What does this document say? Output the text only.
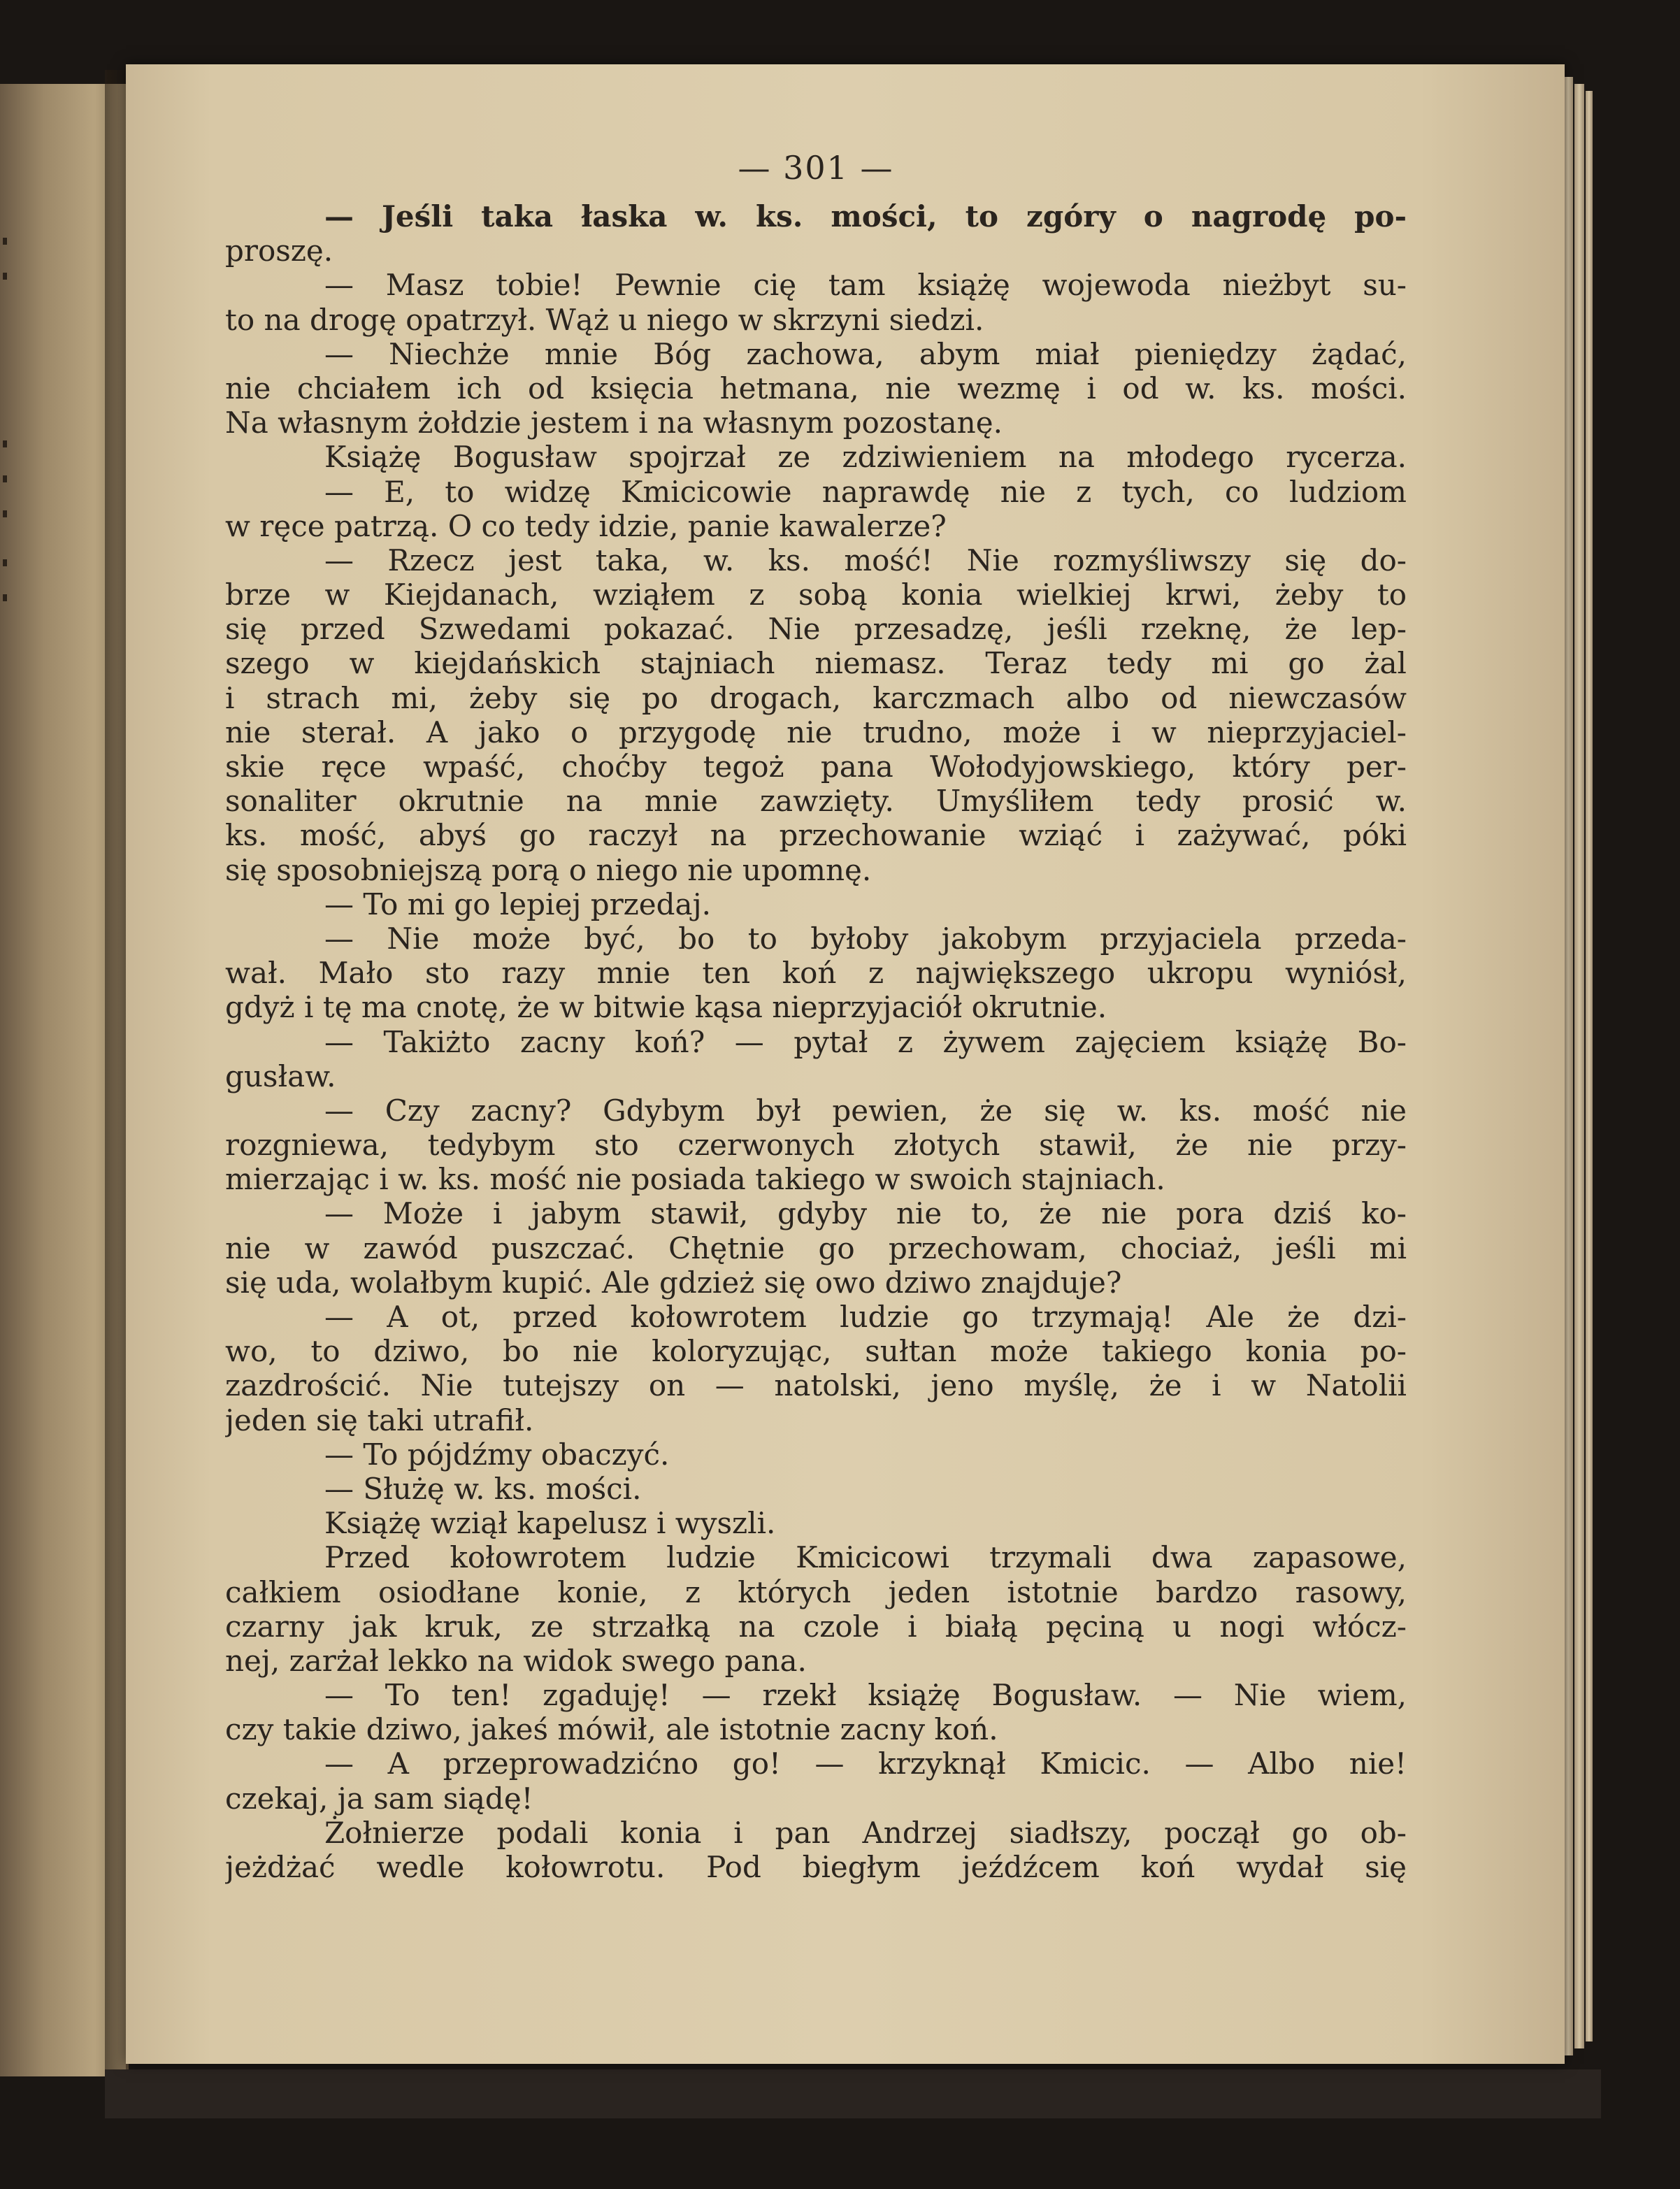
— 301 —
— Jeśli taka łaska w. ks. mości, to zgóry o nagrodę po-
proszę.
— Masz tobie! Pewnie cię tam książę wojewoda nieżbyt su-
to na drogę opatrzył. Wąż u niego w skrzyni siedzi.
— Niechże mnie Bóg zachowa, abym miał pieniędzy żądać,
nie chciałem ich od księcia hetmana, nie wezmę i od w. ks. mości.
Na własnym żołdzie jestem i na własnym pozostanę.
Książę Bogusław spojrzał ze zdziwieniem na młodego rycerza.
— E, to widzę Kmicicowie naprawdę nie z tych, co ludziom
w ręce patrzą. O co tedy idzie, panie kawalerze?
— Rzecz jest taka, w. ks. mość! Nie rozmyśliwszy się do-
brze w Kiejdanach, wziąłem z sobą konia wielkiej krwi, żeby to
się przed Szwedami pokazać. Nie przesadzę, jeśli rzeknę, że lep-
szego w kiejdańskich stajniach niemasz. Teraz tedy mi go żal
i strach mi, żeby się po drogach, karczmach albo od niewczasów
nie sterał. A jako o przygodę nie trudno, może i w nieprzyjaciel-
skie ręce wpaść, choćby tegoż pana Wołodyjowskiego, który per-
sonaliter okrutnie na mnie zawzięty. Umyśliłem tedy prosić w.
ks. mość, abyś go raczył na przechowanie wziąć i zażywać, póki
się sposobniejszą porą o niego nie upomnę.
— To mi go lepiej przedaj.
— Nie może być, bo to byłoby jakobym przyjaciela przeda-
wał. Mało sto razy mnie ten koń z największego ukropu wyniósł,
gdyż i tę ma cnotę, że w bitwie kąsa nieprzyjaciół okrutnie.
— Takiżto zacny koń? — pytał z żywem zajęciem książę Bo-
gusław.
— Czy zacny? Gdybym był pewien, że się w. ks. mość nie
rozgniewa, tedybym sto czerwonych złotych stawił, że nie przy-
mierzając i w. ks. mość nie posiada takiego w swoich stajniach.
— Może i jabym stawił, gdyby nie to, że nie pora dziś ko-
nie w zawód puszczać. Chętnie go przechowam, chociaż, jeśli mi
się uda, wolałbym kupić. Ale gdzież się owo dziwo znajduje?
— A ot, przed kołowrotem ludzie go trzymają! Ale że dzi-
wo, to dziwo, bo nie koloryzując, sułtan może takiego konia po-
zazdrościć. Nie tutejszy on — natolski, jeno myślę, że i w Natolii
jeden się taki utrafił.
— To pójdźmy obaczyć.
— Służę w. ks. mości.
Książę wziął kapelusz i wyszli.
Przed kołowrotem ludzie Kmicicowi trzymali dwa zapasowe,
całkiem osiodłane konie, z których jeden istotnie bardzo rasowy,
czarny jak kruk, ze strzałką na czole i białą pęciną u nogi włócz-
nej, zarżał lekko na widok swego pana.
— To ten! zgaduję! — rzekł książę Bogusław. — Nie wiem,
czy takie dziwo, jakeś mówił, ale istotnie zacny koń.
— A przeprowadzićno go! — krzyknął Kmicic. — Albo nie!
czekaj, ja sam siądę!
Żołnierze podali konia i pan Andrzej siadłszy, począł go ob-
jeżdżać wedle kołowrotu. Pod biegłym jeźdźcem koń wydał się
